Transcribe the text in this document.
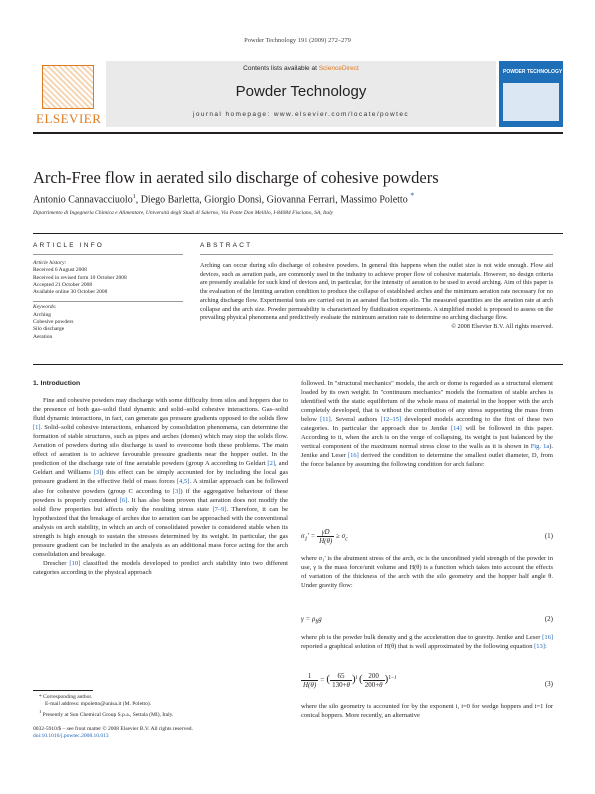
Powder Technology 191 (2009) 272–279
ELSEVIER
Contents lists available at ScienceDirect
Powder Technology
journal homepage: www.elsevier.com/locate/powtec
POWDER TECHNOLOGY
Arch-Free flow in aerated silo discharge of cohesive powders
Antonio Cannavacciuolo$^1$, Diego Barletta, Giorgio Donsì, Giovanna Ferrari, Massimo Poletto *
Dipartimento di Ingegneria Chimica e Alimentare, Università degli Studi di Salerno, Via Ponte Don Melillo, I-84084 Fisciano, SA, Italy
ARTICLE INFO
Article history:
Received 6 August 2008
Received in revised form 10 October 2008
Accepted 21 October 2008
Available online 30 October 2008
Keywords:
Arching
Cohesive powders
Silo discharge
Aeration
ABSTRACT
Arching can occur during silo discharge of cohesive powders. In general this happens when the outlet size is not wide enough. Flow aid devices, such as aeration pads, are commonly used in the industry to achieve proper flow of cohesive materials. However, no design criteria are presently available for such kind of devices and, in particular, for the intensity of aeration to be used to avoid arching. Aim of this paper is the evaluation of the limiting aeration condition to produce the collapse of established arches and the minimum aeration rate necessary for no arching discharge flow. Experimental tests are carried out in an aerated flat bottom silo. The measured quantities are the aeration rate at arch collapse and the arch size. Powder permeability is characterized by fluidization experiments. A simplified model is proposed to assess on the prevailing physical phenomena and predictively evaluate the minimum aeration rate to determine no arching discharge flow.
© 2008 Elsevier B.V. All rights reserved.
1. Introduction

Fine and cohesive powders may discharge with some difficulty from silos and hoppers due to the presence of both gas–solid fluid dynamic and solid–solid cohesive interactions. Gas–solid fluid dynamic interactions, in fact, can generate gas pressure gradients opposed to the solids flow [1]. Solid–solid cohesive interactions, enhanced by consolidation phenomena, can determine the formation of stable structures, such as pipes and arches (domes) which may stop the solids flow. Aeration of powders during silo discharge is used to overcome both these problems. The main effect of aeration is to achieve favourable pressure gradients near the hopper outlet. In the prediction of the discharge rate of fine aeratable powders (group A according to Geldart [2], and Geldart and Williams [3]) this effect can be simply accounted for by including the local gas pressure gradient in the effective field of mass forces [4,5]. A similar approach can be followed also for cohesive powders (group C according to [3]) if the aggregative behaviour of these powders is properly considered [6]. It has also been proven that aeration does not modify the solid flow properties but affects only the resulting stress state [7–9]. Therefore, it can be hypothesized that the breakage of arches due to aeration can be approached with the conventional analysis on arch stability, in which an arch of consolidated powder is considered stable when its strength is high enough to sustain the stresses determined by its weight. In particular, the gas pressure gradient can be included in the analysis as an additional mass force acting for the arch consolidation and breakage.

Drescher [10] classified the models developed to predict arch stability into two different categories according to the physical approach

* Corresponding author.
E-mail address: mpoletto@unisa.it (M. Poletto).
$^1$ Presently at Sun Chemical Group S.p.a., Settala (MI), Italy.
0032-5910/$ – see front matter © 2008 Elsevier B.V. All rights reserved.
doi:10.1016/j.powtec.2008.10.013

followed. In "structural mechanics" models, the arch or dome is regarded as a structural element loaded by its own weight. In "continuum mechanics" models the formation of stable arches is identified with the static equilibrium of the whole mass of material in the hopper with the arch completely developed, that is without the contribution of any stress supporting the mass from below [11]. Several authors [12–15] developed models according to the first of these two categories. In particular the approach due to Jenike [14] will be followed in this paper. According to it, when the arch is on the verge of collapsing, its weight is just balanced by the vertical component of the maximum normal stress close to the walls as it is shown in Fig. 1a). Jenike and Leser [16] derived the condition to determine the smallest outlet diameter, D, from the force balance by assuming the following condition for arch failure:

$\sigma_1' = \frac{\gamma D}{H(\theta)} \ge \sigma_c$	(1)

where σ₁' is the abutment stress of the arch, σc is the unconfined yield strength of the powder in use, γ is the mass force/unit volume and H(θ) is a function which takes into account the effects of variation of the thickness of the arch with the silo geometry and the hopper half angle θ. Under gravity flow:

$\gamma = \rho_bg$	(2)

where ρb is the powder bulk density and g the acceleration due to gravity. Jenike and Leser [16] reported a graphical solution of H(θ) that is well approximated by the following equation [13]:

$\frac{1}{H(\theta)}$ = ( $\frac{65}{130+\theta} )^i$ ( $\frac{200}{200+\theta} )^{1-i}$
(3)

where the silo geometry is accounted for by the exponent i, i=0 for wedge hoppers and i=1 for conical hoppers. More recently, an alternative
